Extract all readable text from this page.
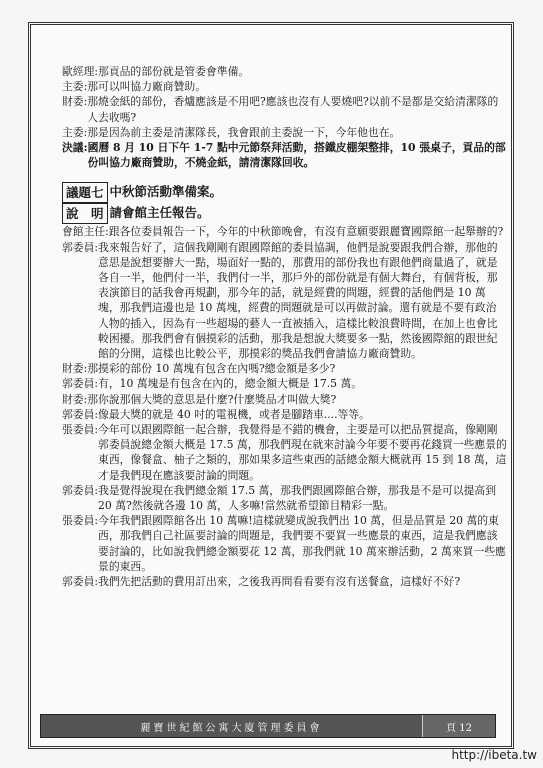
歐經理: 那貢品的部份就是管委會準備。
主委: 那可以叫協力廠商贊助。
財委: 那燒金紙的部份，香爐應該是不用吧?應該也沒有人要燒吧?以前不是都是交給清潔隊的人去收嗎?
主委: 那是因為前主委是清潔隊長，我會跟前主委說一下，今年他也在。
決議: 國曆 8 月 10 日下午 1-7 點中元節祭拜活動，搭鐵皮棚架整排，10 張桌子，貢品的部份叫協力廠商贊助，不燒金紙，請清潔隊回收。
議題七 中秋節活動準備案。
說　明 請會館主任報告。
會館主任: 跟各位委員報告一下，今年的中秋節晚會，有沒有意願要跟麗寶國際館一起舉辦的?
郭委員: 我來報告好了，這個我剛剛有跟國際館的委員協調，他們是說要跟我們合辦，那他的意思是說想要辦大一點，場面好一點的，那費用的部份我也有跟他們商量過了，就是各自一半，他們付一半，我們付一半，那戶外的部份就是有個大舞台，有個背板，那表演節目的話我會再規劃，那今年的話，就是經費的問題，經費的話他們是 10 萬塊，那我們這邊也是 10 萬塊，經費的問題就是可以再做討論。還有就是不要有政治人物的插入，因為有一些超場的藝人一直被插入，這樣比較浪費時間，在加上也會比較困擾。那我們會有個摸彩的活動，那我是想說大獎要多一點，然後國際館的跟世紀館的分開，這樣也比較公平，那摸彩的獎品我們會請協力廠商贊助。
財委: 那摸彩的部份 10 萬塊有包含在內嗎?總金額是多少?
郭委員: 有，10 萬塊是有包含在內的，總金額大概是 17.5 萬。
財委: 那你說那個大獎的意思是什麼?什麼獎品才叫做大獎?
郭委員: 像最大獎的就是 40 吋的電視機，或者是腳踏車....等等。
張委員: 今年可以跟國際館一起合辦，我覺得是不錯的機會，主要是可以把品質提高，像剛剛郭委員說總金額大概是 17.5 萬，那我們現在就來討論今年要不要再花錢買一些應景的東西，像餐盒、柚子之類的，那如果多這些東西的話總金額大概就再 15 到 18 萬，這才是我們現在應該要討論的問題。
郭委員: 我是覺得說現在我們總金額 17.5 萬，那我們跟國際館合辦，那我是不是可以提高到 20 萬?然後就各邊 10 萬，人多嘛!當然就希望節目精彩一點。
張委員: 今年我們跟國際館各出 10 萬嘛!這樣就變成說我們出 10 萬，但是品質是 20 萬的東西，那我們自己社區要討論的問題是，我們要不要買一些應景的東西，這是我們應該要討論的，比如說我們總金額要花 12 萬，那我們就 10 萬來辦活動，2 萬來買一些應景的東西。
郭委員: 我們先把活動的費用訂出來，之後我再問看看要有沒有送餐盒，這樣好不好?
麗寶世紀館公寓大廈管理委員會	頁 12
http://ibeta.tw
